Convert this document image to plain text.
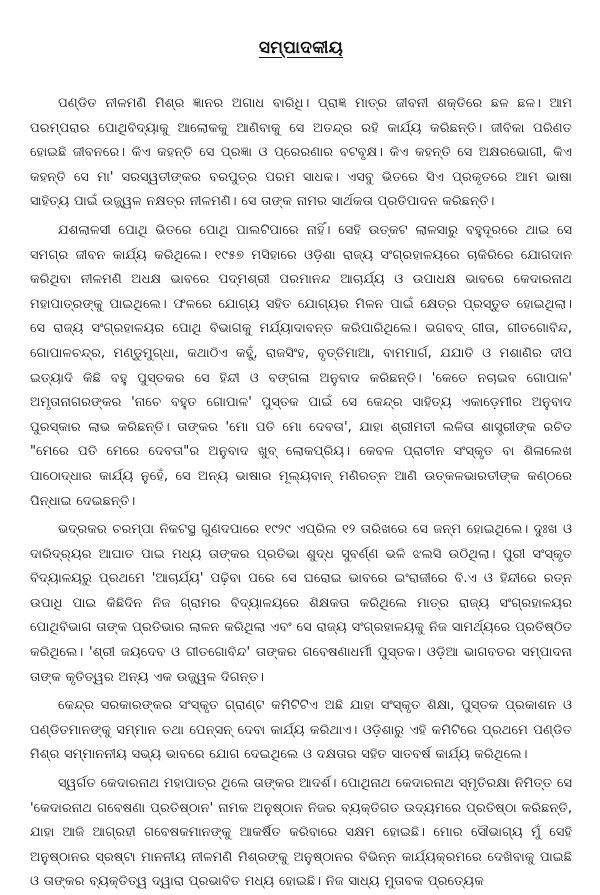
ସମ୍ପାଦକୀୟ

ପଣ୍ଡିତ ନୀଳମଣି ମିଶ୍ର ଜ୍ଞାନର ଅଗାଧ ବାରିଧି। ପ୍ରାଜ୍ଞ ମାତ୍ର ଜୀବନୀ ଶକ୍ତିରେ ଛଳ ଛଳ। ଆମ ପରମ୍ପରାର ପୋଥିବିଦ୍ୟାକୁ ଆଲୋକକୁ ଆଣିବାକୁ ସେ ଅତନ୍ଦ୍ର ରହି କାର୍ଯ୍ୟ କରିଛନ୍ତି। ଜୀବିକା ପରିଣତ ହୋଇଛି ଜୀବନରେ। କିଏ କହନ୍ତି ସେ ପ୍ରଜ୍ଞା ଓ ପ୍ରେରଣାର ବଟବୃକ୍ଷ। କିଏ କହନ୍ତି ସେ ଅକ୍ଷରଭୋଗୀ, କିଏ କହନ୍ତି ସେ ମା' ସରସ୍ୱତୀଙ୍କର ବରପୁତ୍ର ପରମ ସାଧକ। ଏସବୁ ଭିତରେ ସିଏ ପ୍ରକୃତରେ ଆମ ଭାଷା ସାହିତ୍ୟ ପାଇଁ ଉଜ୍ଜ୍ୱଳ ନକ୍ଷତ୍ର ନୀଳମଣି। ସେ ତାଙ୍କ ନାମର ସାର୍ଥକତା ପ୍ରତିପାଦନ କରିଛନ୍ତି।

ଯଶଲାଳସୀ ପୋଥି ଭିତରେ ପୋଥି ପାଲଟିପାରେ ନାହିଁ। ସେହି ଉତ୍କଟ ଲାଳସାରୁ ବହୁଦୂରରେ ଥାଇ ସେ ସମଗ୍ର ଜୀବନ କାର୍ଯ୍ୟ କରିଥିଲେ। ୧୯୫୭ ମସିହାରେ ଓଡ଼ିଶା ରାଜ୍ୟ ସଂଗ୍ରହାଳୟରେ ଚାକିରିରେ ଯୋଗଦାନ କରିଥିବା ନୀଳମଣି ଅଧକ୍ଷ ଭାବରେ ପଦ୍ମଶ୍ରୀ ପରମାନନ୍ଦ ଆଚାର୍ଯ୍ୟ ଓ ଉପାଧକ୍ଷ ଭାବରେ କେଦାରନାଥ ମହାପାତ୍ରଙ୍କୁ ପାଇଥିଲେ। ଫଳରେ ଯୋଗ୍ୟ ସହିତ ଯୋଗ୍ୟର ମିଳନ ପାଇଁ କ୍ଷେତ୍ର ପ୍ରସ୍ତୁତ ହୋଇଥିଲା। ସେ ରାଜ୍ୟ ସଂଗ୍ରହାଳୟର ପୋଥି ବିଭାଗକୁ ମର୍ଯ୍ୟାଦାବନ୍ତ କରିପାରିଥିଲେ। ଭଗବଦ୍ ଗୀତା, ଗୀତଗୋବିନ୍ଦ, ଗୋପାଳଚନ୍ଦ୍ର, ମଣ୍ଡୁମୁଗ୍‌ଧା, କଥାଠିଏ କହୁଁ, ରାଜସିଂହ, ବୃତ୍ତିମାଆ, ବାମମାର୍ଗ, ଯଯାତି ଓ ମଶାଣିର ଦୀପ ଇତ୍ୟାଦି କିଛି ବହୁ ପୁସ୍ତକର ସେ ହିନ୍ଦୀ ଓ ବଙ୍ଗଳା ଅନୁବାଦ କରିଛନ୍ତି। 'କେତେ ନଚାଇବ ଗୋପାଳ' ଅମୃତାନାଗରଙ୍କର 'ନାଚେ ବହୁତ ଗୋପାଳ' ପୁସ୍ତକ ପାଇଁ ସେ କେନ୍ଦ୍ର ସାହିତ୍ୟ ଏକାଡ଼େମୀର ଅନୁବାଦ ପୁରସ୍କାର ଲାଭ କରିଛନ୍ତି। ତାଙ୍କର 'ମୋ ପତି ମୋ ଦେବତା', ଯାହା ଶ୍ରୀମତୀ ଲଳିତା ଶାସ୍ତ୍ରୀଙ୍କ ରଚିତ "ମେରେ ପତି ମେରେ ଦେବତା"ର ଅନୁବାଦ ଖୁବ୍ ଲୋକପ୍ରିୟ। କେବଳ ପ୍ରାଚୀନ ସଂସ୍କୃତ ବା ଶିଳାଲେଖ ପାଠୋଦ୍ଧାର କାର୍ଯ୍ୟ ନୁହେଁ, ସେ ଅନ୍ୟ ଭାଷାର ମୂଲ୍ୟବାନ୍ ମଣିରତ୍ନ ଆଣି ଉତ୍କଳଭାରତୀଙ୍କ କଣ୍ଠରେ ପିନ୍ଧାଇ ଦେଇଛନ୍ତି।

ଭଦ୍ରକର ଚରମ୍ପା ନିକଟସ୍ଥ ଗୁଣଦପାରେ ୧୯୨୯ ଏପ୍ରିଲ ୧୨ ତାରିଖରେ ସେ ଜନ୍ମ ହୋଇଥିଲେ। ଦୁଃଖ ଓ ଦାରିଦ୍ର୍ୟର ଆଘାତ ପାଇ ମଧ୍ୟ ତାଙ୍କର ପ୍ରତିଭା ଶୁଦ୍ଧ ସୁବର୍ଣ୍ଣ ଭଳି ଝଲସି ଉଠିଥିଲା। ପୁରୀ ସଂସ୍କୃତ ବିଦ୍ୟାଳୟରୁ ପ୍ରଥମେ 'ଆଚାର୍ଯ୍ୟ' ପଢ଼ିବା ପରେ ସେ ଘରୋଇ ଭାବରେ ଇଂରାଜୀରେ ବି.ଏ ଓ ହିନ୍ଦୀରେ ରତ୍ନ ଉପାଧି ପାଇ କିଛିଦିନ ନିଜ ଗ୍ରାମର ବିଦ୍ୟାଳୟରେ ଶିକ୍ଷକତା କରିଥିଲେ ମାତ୍ର ରାଜ୍ୟ ସଂଗ୍ରହାଳୟର ପୋଥିବିଭାଗ ତାଙ୍କ ପ୍ରତିଭାର ଲାଳନ କରିଥିଲା ଏବଂ ସେ ରାଜ୍ୟ ସଂଗ୍ରହାଳୟକୁ ନିଜ ସାମର୍ଥ୍ୟରେ ପ୍ରତିଷ୍ଠିତ କରିଥିଲେ। 'ଶ୍ରୀ ଜୟଦେବ ଓ ଗୀତଗୋବିନ୍ଦ' ତାଙ୍କର ଗବେଷଣାଧର୍ମୀ ପୁସ୍ତକ। ଓଡ଼ିଆ ଭାଗବତର ସମ୍ପାଦନା ତାଙ୍କ କୃତିତ୍ୱର ଅନ୍ୟ ଏକ ଉଜ୍ଜ୍ୱଳ ଦିଗନ୍ତ।

କେନ୍ଦ୍ର ସରକାରଙ୍କର ସଂସ୍କୃତ ଗ୍ରାଣ୍ଟ କମିଟିଟିଏ ଅଛି ଯାହା ସଂସ୍କୃତ ଶିକ୍ଷା, ପୁସ୍ତକ ପ୍ରକାଶନ ଓ ପଣ୍ଡିତମାନଙ୍କୁ ସମ୍ମାନ ତଥା ପେନ୍‌ସନ୍ ଦେବା କାର୍ଯ୍ୟ କରିଥାଏ। ଓଡ଼ିଶାରୁ ଏହି କମିଟିରେ ପ୍ରଥମେ ପଣ୍ଡିତ ମିଶ୍ର ସମ୍ମାନନୀୟ ସଭ୍ୟ ଭାବରେ ଯୋଗ ଦେଇଥିଲେ ଓ ଦକ୍ଷତାର ସହିତ ସାତବର୍ଷ କାର୍ଯ୍ୟ କରିଥିଲେ।

ସ୍ୱର୍ଗତ କେଦାରନାଥ ମହାପାତ୍ର ଥିଲେ ତାଙ୍କର ଆଦର୍ଶ। ପୋଥିନାଥ କେଦାରନାଥ ସ୍ମୃତିରକ୍ଷା ନିମିତ୍ତ ସେ 'କେଦାରନାଥ ଗବେଷଣା ପ୍ରତିଷ୍ଠାନ' ନାମକ ଅନୁଷ୍ଠାନ ନିଜର ବ୍ୟକ୍ତିଗତ ଉଦ୍ୟମରେ ପ୍ରତିଷ୍ଠା କରିଛନ୍ତି, ଯାହା ଆଜି ଆଗ୍ରହୀ ଗବେଷକମାନଙ୍କୁ ଆକର୍ଷିତ କରିବାରେ ସକ୍ଷମ ହୋଇଛି। ମୋର ସୌଭାଗ୍ୟ ମୁଁ ସେହି ଅନୁଷ୍ଠାନର ସ୍ରଷ୍ଟା ମାନନୀୟ ନୀଳମଣି ମିଶ୍ରଙ୍କୁ ଅନୁଷ୍ଠାନର ବିଭିନ୍ନ କାର୍ଯ୍ୟକ୍ରମରେ ଦେଖିବାକୁ ପାଇଛି ଓ ତାଙ୍କର ବ୍ୟକ୍ତିତ୍ୱ ଦ୍ୱାରା ପ୍ରଭାବିତ ମଧ୍ୟ ହୋଇଛି। ନିଜ ସାଧ୍ୟ ମୁତାବକ ପ୍ରତ୍ୟେକ
